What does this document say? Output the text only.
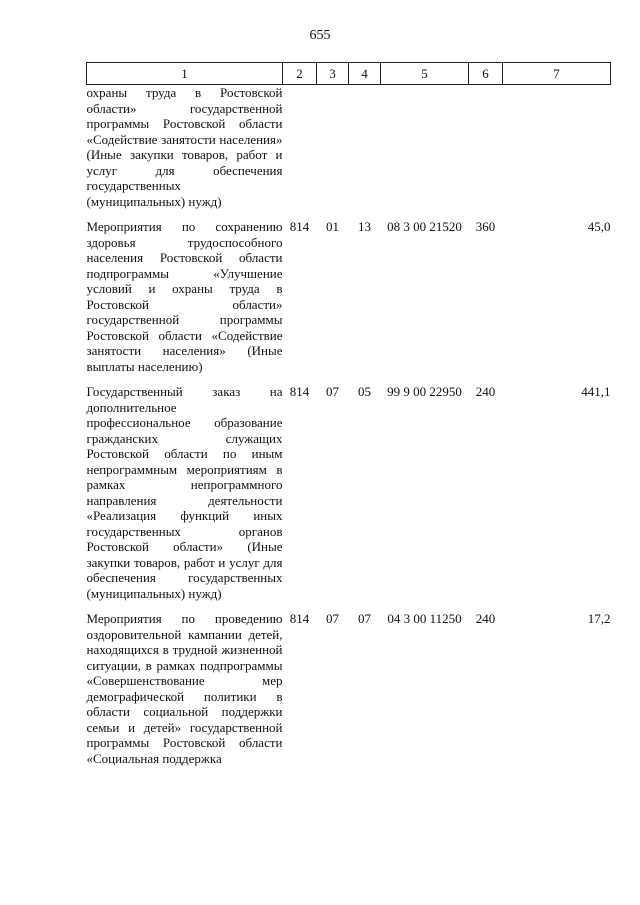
655
1	2	3	4	5	6	7
охраны труда в Ростовской области» государственной программы Ростовской области «Содействие занятости населения» (Иные закупки товаров, работ и услуг для обеспечения государственных (муниципальных) нужд)						

Мероприятия по сохранению здоровья трудоспособного населения Ростовской области подпрограммы «Улучшение условий и охраны труда в Ростовской области» государственной программы Ростовской области «Содействие занятости населения» (Иные выплаты населению)	814	01	13	08 3 00 21520	360	45,0

Государственный заказ на дополнительное профессиональное образование гражданских служащих Ростовской области по иным непрограммным мероприятиям в рамках непрограммного направления деятельности «Реализация функций иных государственных органов Ростовской области» (Иные закупки товаров, работ и услуг для обеспечения государственных (муниципальных) нужд)	814	07	05	99 9 00 22950	240	441,1

Мероприятия по проведению оздоровительной кампании детей, находящихся в трудной жизненной ситуации, в рамках подпрограммы «Совершенствование мер демографической политики в области социальной поддержки семьи и детей» государственной программы Ростовской области «Социальная поддержка	814	07	07	04 3 00 11250	240	17,2
